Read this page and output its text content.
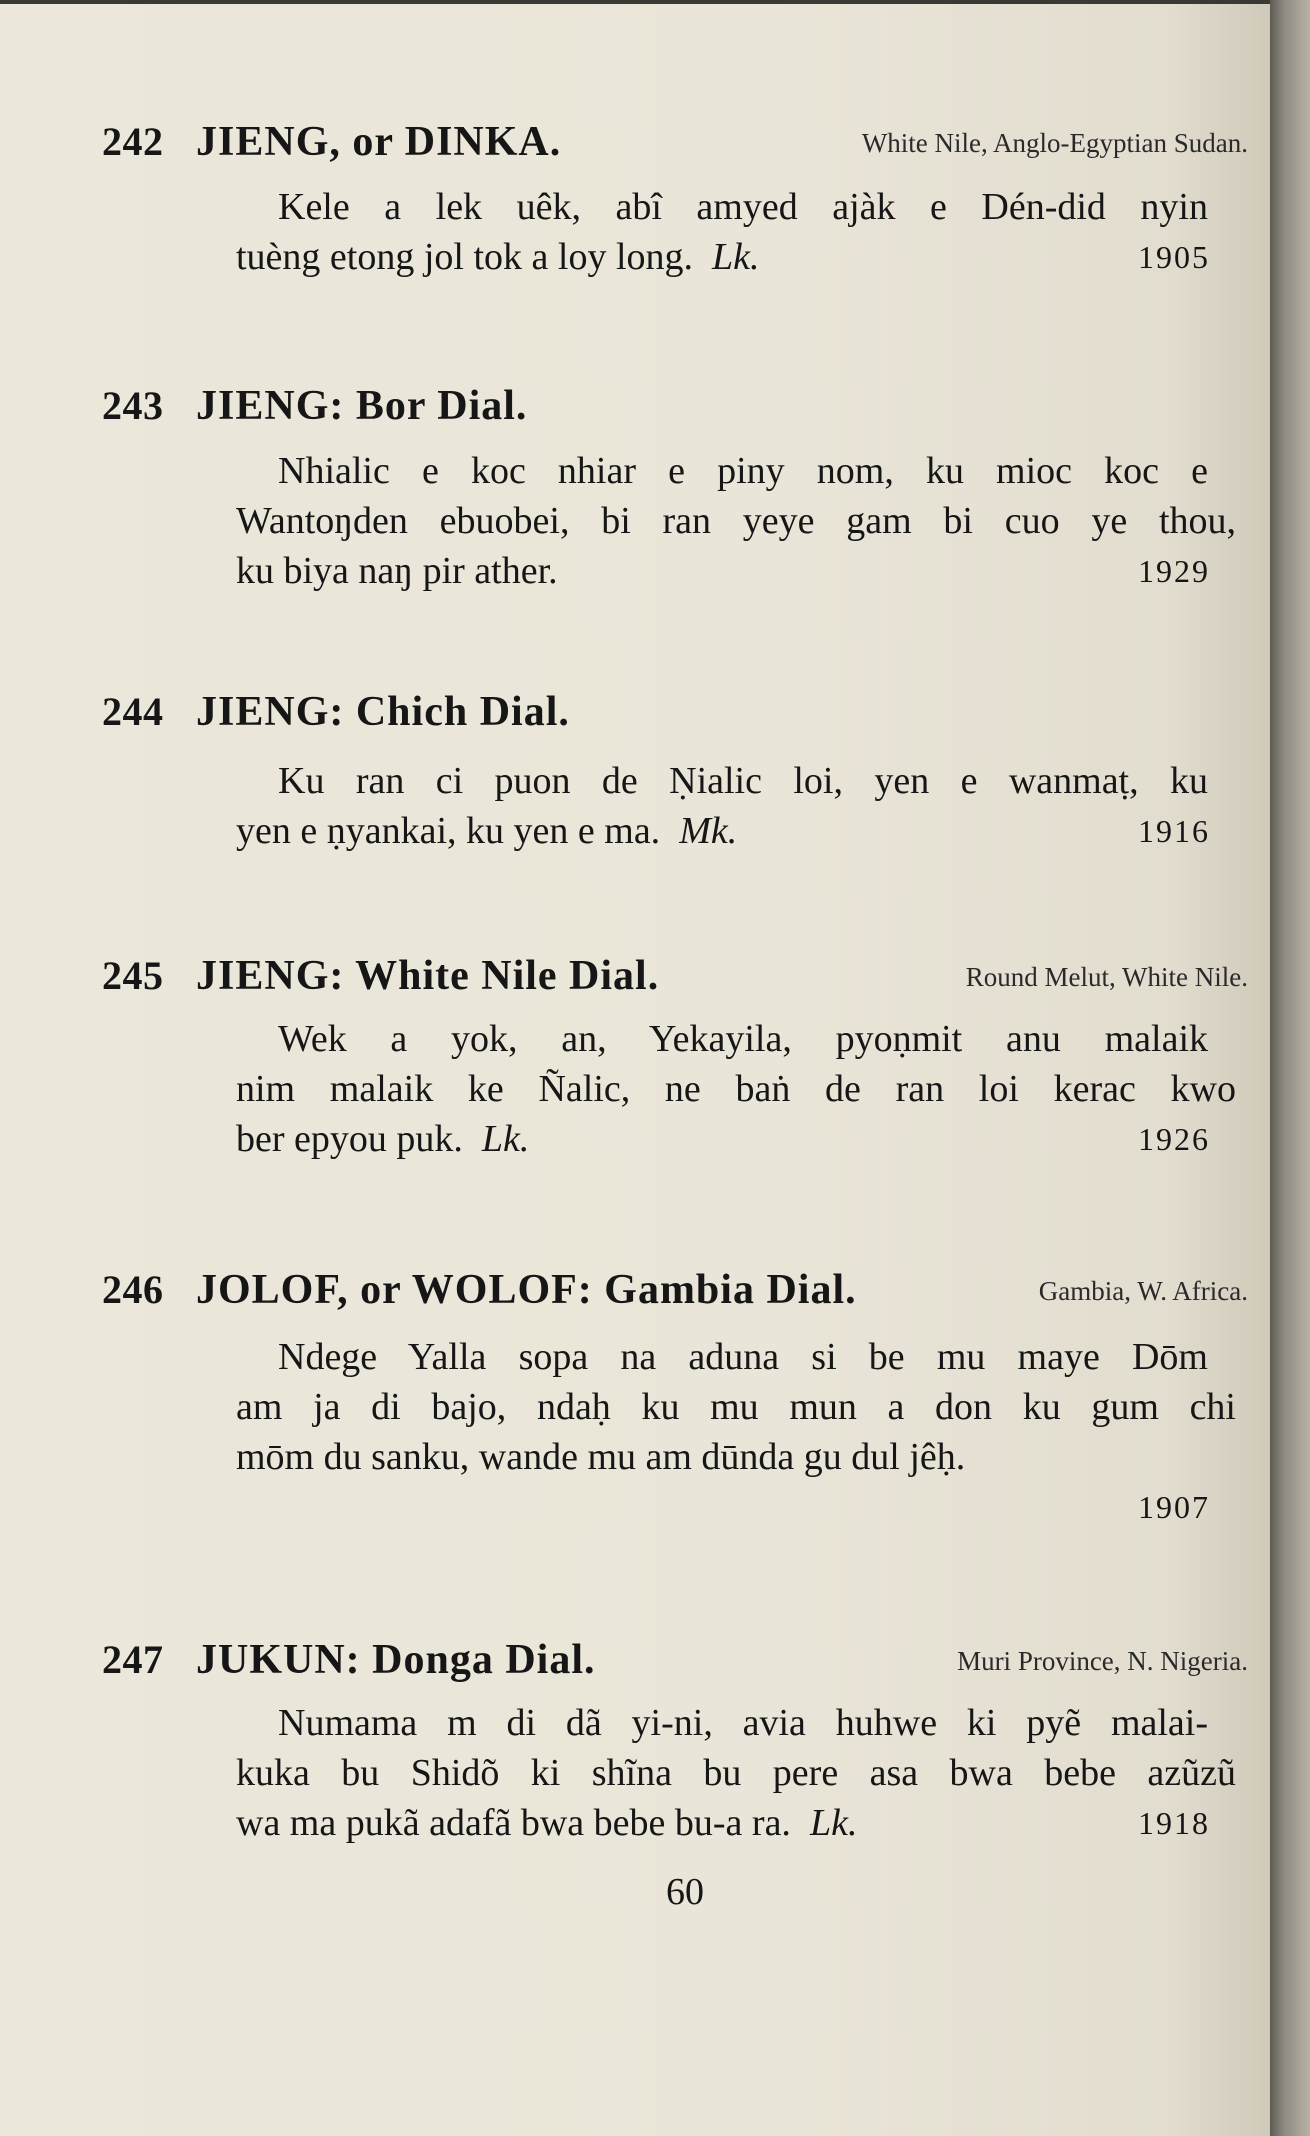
242 JIENG, or DINKA.	White Nile, Anglo-Egyptian Sudan.
Kele a lek uêk, abî amyed ajàk e Dén-did nyin
tuèng etong jol tok a loy long. Lk.	1905
243 JIENG: Bor Dial.
Nhialic e koc nhiar e piny nom, ku mioc koc e
Wantoŋden ebuobei, bi ran yeye gam bi cuo ye thou,
ku biya naŋ pir ather.	1929
244 JIENG: Chich Dial.
Ku ran ci puon de Ṇialic loi, yen e wanmaṭ, ku
yen e ṇyankai, ku yen e ma. Mk.	1916
245 JIENG: White Nile Dial.	Round Melut, White Nile.
Wek a yok, an, Yekayila, pyoṇmit anu malaik
nim malaik ke Ñalic, ne baṅ de ran loi kerac kwo
ber epyou puk. Lk.	1926
246 JOLOF, or WOLOF: Gambia Dial.	Gambia, W. Africa.
Ndege Yalla sopa na aduna si be mu maye Dōm
am ja di bajo, ndaḥ ku mu mun a don ku gum chi
mōm du sanku, wande mu am dūnda gu dul jêḥ.
1907
247 JUKUN: Donga Dial.	Muri Province, N. Nigeria.
Numama m di dã yi-ni, avia huhwe ki pyẽ malai-
kuka bu Shidõ ki shĩna bu pere asa bwa bebe azũzũ
wa ma pukã adafã bwa bebe bu-a ra. Lk.	1918
60
